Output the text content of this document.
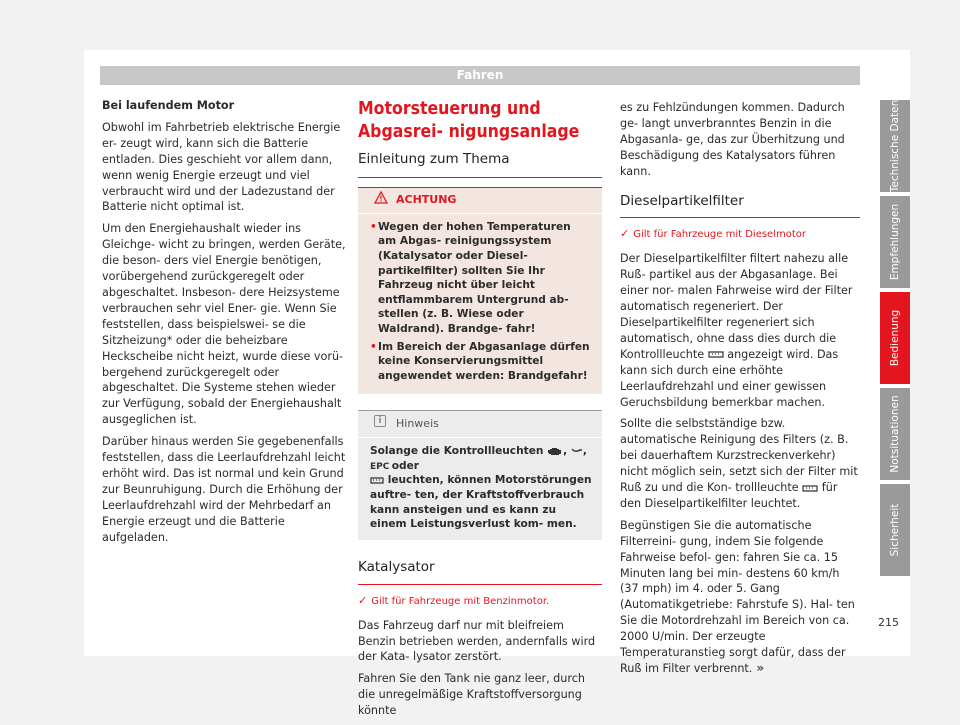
Fahren

Bei laufendem Motor

Obwohl im Fahrbetrieb elektrische Energie er- zeugt wird, kann sich die Batterie entladen. Dies geschieht vor allem dann, wenn wenig Energie erzeugt und viel verbraucht wird und der Ladezustand der Batterie nicht optimal ist.

Um den Energiehaushalt wieder ins Gleichge- wicht zu bringen, werden Geräte, die beson- ders viel Energie benötigen, vorübergehend zurückgeregelt oder abgeschaltet. Insbeson- dere Heizsysteme verbrauchen sehr viel Ener- gie. Wenn Sie feststellen, dass beispielswei- se die Sitzheizung* oder die beheizbare Heckscheibe nicht heizt, wurde diese vorü- bergehend zurückgeregelt oder abgeschaltet. Die Systeme stehen wieder zur Verfügung, sobald der Energiehaushalt ausgeglichen ist.

Darüber hinaus werden Sie gegebenenfalls feststellen, dass die Leerlaufdrehzahl leicht erhöht wird. Das ist normal und kein Grund zur Beunruhigung. Durch die Erhöhung der Leerlaufdrehzahl wird der Mehrbedarf an Energie erzeugt und die Batterie aufgeladen.

Motorsteuerung und Abgasrei- nigungsanlage
Einleitung zum Thema
ACHTUNG
• Wegen der hohen Temperaturen am Abgas- reinigungssystem (Katalysator oder Diesel- partikelfilter) sollten Sie Ihr Fahrzeug nicht über leicht entflammbarem Untergrund ab- stellen (z. B. Wiese oder Waldrand). Brandge- fahr!
• Im Bereich der Abgasanlage dürfen keine Konservierungsmittel angewendet werden: Brandgefahr!
i	Hinweis
Solange die Kontrollleuchten , ,
EPC oder
leuchten, können Motorstörungen auftre- ten, der Kraftstoffverbrauch kann ansteigen und es kann zu einem Leistungsverlust kom- men.
Katalysator
✓ Gilt für Fahrzeuge mit Benzinmotor.

Das Fahrzeug darf nur mit bleifreiem Benzin betrieben werden, andernfalls wird der Kata- lysator zerstört.

Fahren Sie den Tank nie ganz leer, durch die unregelmäßige Kraftstoffversorgung könnte

es zu Fehlzündungen kommen. Dadurch ge- langt unverbranntes Benzin in die Abgasanla- ge, das zur Überhitzung und Beschädigung des Katalysators führen kann.

Dieselpartikelfilter
✓ Gilt für Fahrzeuge mit Dieselmotor

Der Dieselpartikelfilter filtert nahezu alle Ruß- partikel aus der Abgasanlage. Bei einer nor- malen Fahrweise wird der Filter automatisch regeneriert. Der Dieselpartikelfilter regeneriert sich automatisch, ohne dass dies durch die Kontrollleuchte angezeigt wird. Das kann sich durch eine erhöhte Leerlaufdrehzahl und einer gewissen Geruchsbildung bemerkbar machen.

Sollte die selbstständige bzw. automatische Reinigung des Filters (z. B. bei dauerhaftem Kurzstreckenverkehr) nicht möglich sein, setzt sich der Filter mit Ruß zu und die Kon- trollleuchte für den Dieselpartikelfilter leuchtet.

Begünstigen Sie die automatische Filterreini- gung, indem Sie folgende Fahrweise befol- gen: fahren Sie ca. 15 Minuten lang bei min- destens 60 km/h (37 mph) im 4. oder 5. Gang (Automatikgetriebe: Fahrstufe S). Hal- ten Sie die Motordrehzahl im Bereich von ca. 2000 U/min. Der erzeugte Temperaturanstieg sorgt dafür, dass der Ruß im Filter verbrennt. »

Technische Daten
Empfehlungen
Bedienung
Notsituationen
Sicherheit
215
